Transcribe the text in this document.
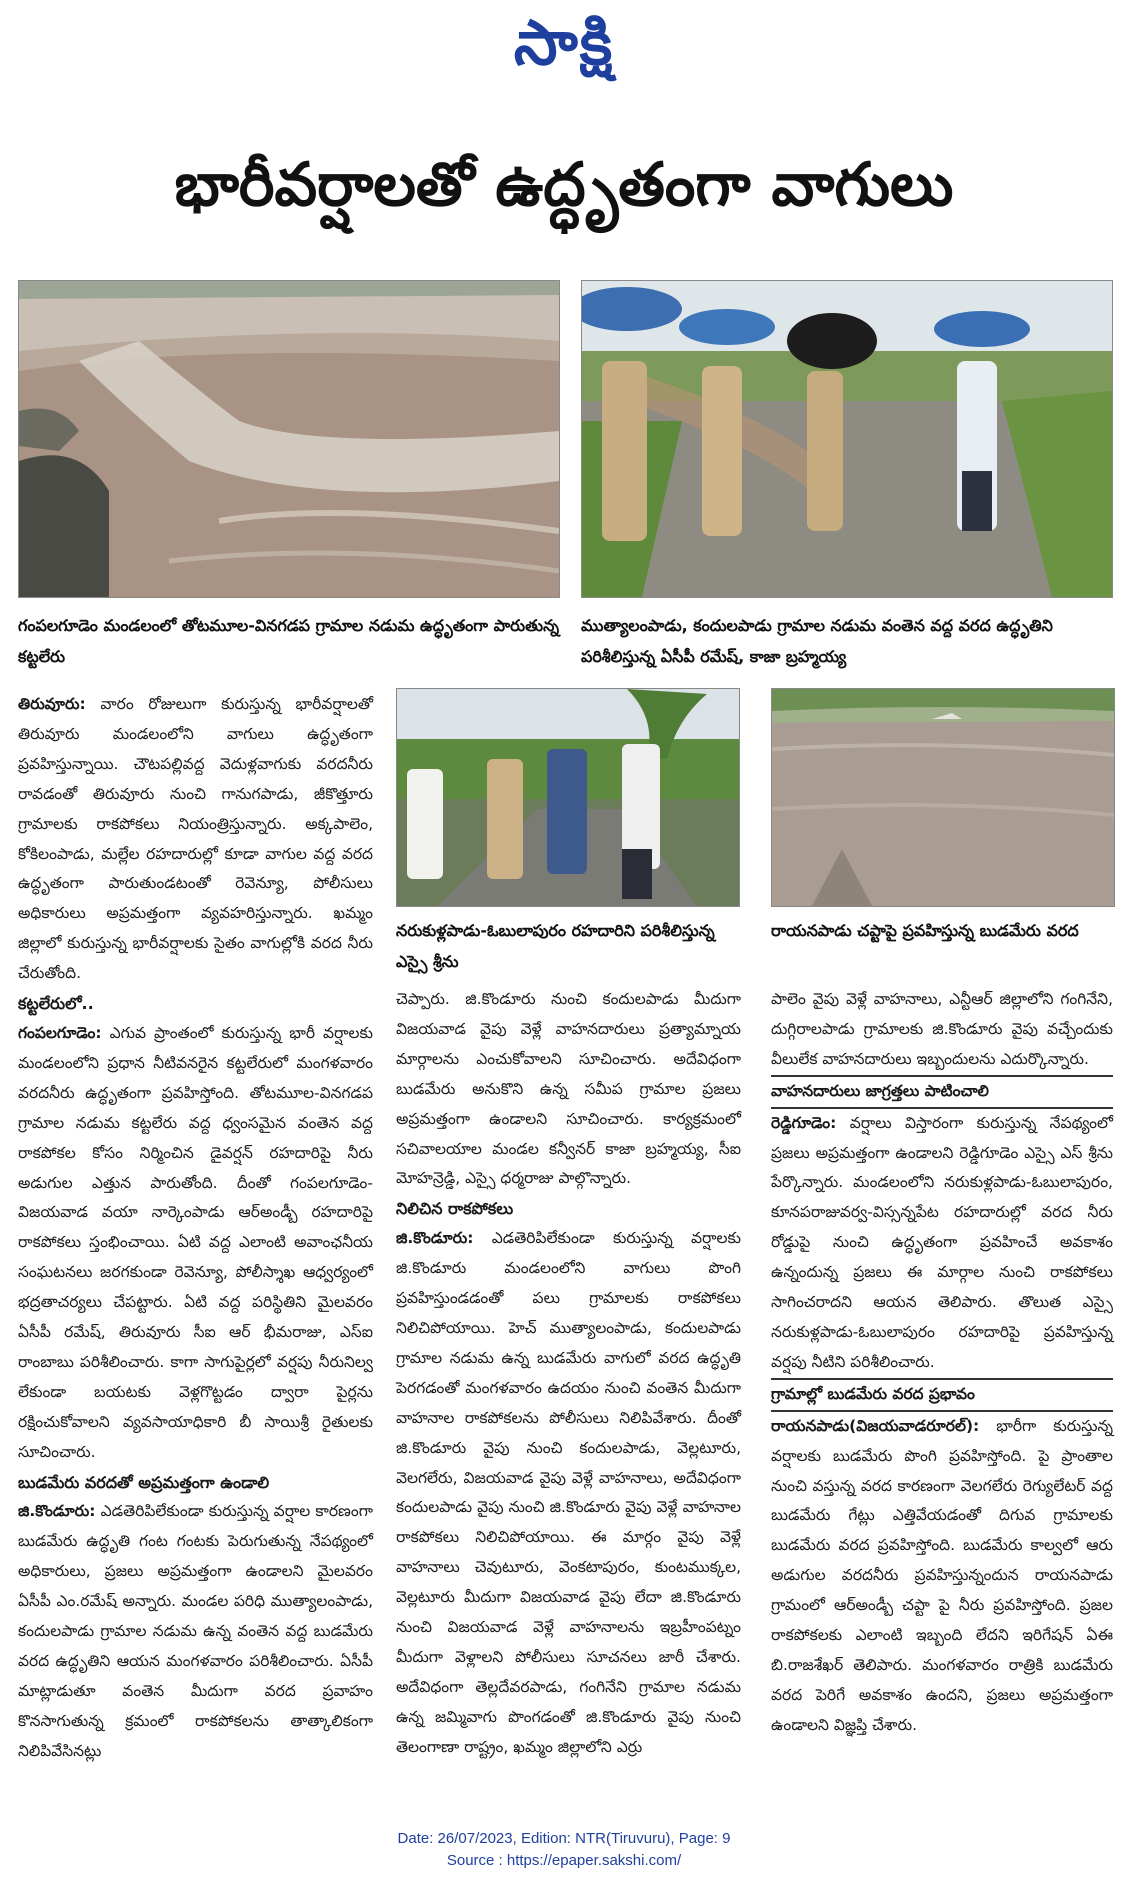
సాక్షి
భారీవర్షాలతో ఉద్ధృతంగా వాగులు
గంపలగూడెం మండలంలో తోటమూల-వినగడప గ్రామాల నడుమ ఉద్ధృతంగా పారుతున్న కట్టలేరు
ముత్యాలంపాడు, కందులపాడు గ్రామాల నడుమ వంతెన వద్ద వరద ఉద్ధృతిని పరిశీలిస్తున్న ఏసీపీ రమేష్, కాజా బ్రహ్మయ్య
నరుకుళ్లపాడు-ఓబులాపురం రహదారిని పరిశీలిస్తున్న ఎస్సై శ్రీను
రాయనపాడు చప్టాపై ప్రవహిస్తున్న బుడమేరు వరద

తిరువూరు: వారం రోజులుగా కురుస్తున్న భారీవర్షాలతో తిరువూరు మండలంలోని వాగులు ఉద్ధృతంగా ప్రవహిస్తున్నాయి. చౌటపల్లివద్ద వెదుళ్లవాగుకు వరదనీరు రావడంతో తిరువూరు నుంచి గానుగపాడు, జీకొత్తూరు గ్రామాలకు రాకపోకలు నియంత్రిస్తున్నారు. అక్కపాలెం, కోకిలంపాడు, మల్లేల రహదారుల్లో కూడా వాగుల వద్ద వరద ఉద్ధృతంగా పారుతుండటంతో రెవెన్యూ, పోలీసులు అధికారులు అప్రమత్తంగా వ్యవహరిస్తున్నారు. ఖమ్మం జిల్లాలో కురుస్తున్న భారీవర్షాలకు సైతం వాగుల్లోకి వరద నీరు చేరుతోంది.

కట్టలేరులో..

గంపలగూడెం: ఎగువ ప్రాంతంలో కురుస్తున్న భారీ వర్షాలకు మండలంలోని ప్రధాన నీటివనరైన కట్టలేరులో మంగళవారం వరదనీరు ఉద్ధృతంగా ప్రవహిస్తోంది. తోటమూల-వినగడప గ్రామాల నడుమ కట్టలేరు వద్ద ధ్వంసమైన వంతెన వద్ద రాకపోకల కోసం నిర్మించిన డైవర్షన్ రహదారిపై నీరు అడుగుల ఎత్తున పారుతోంది. దీంతో గంపలగూడెం-విజయవాడ వయా నార్కెంపాడు ఆర్అండ్బీ రహదారిపై రాకపోకలు స్తంభించాయి. ఏటి వద్ద ఎలాంటి అవాంఛనీయ సంఘటనలు జరగకుండా రెవెన్యూ, పోలీస్శాఖ ఆధ్వర్యంలో భద్రతాచర్యలు చేపట్టారు. ఏటి వద్ద పరిస్థితిని మైలవరం ఏసీపీ రమేష్, తిరువూరు సీఐ ఆర్ భీమరాజు, ఎస్ఐ రాంబాబు పరిశీలించారు. కాగా సాగుపైర్లలో వర్షపు నీరునిల్వ లేకుండా బయటకు వెళ్లగొట్టడం ద్వారా పైర్లను రక్షించుకోవాలని వ్యవసాయాధికారి బీ సాయిశ్రీ రైతులకు సూచించారు.

బుడమేరు వరదతో అప్రమత్తంగా ఉండాలి

జి.కొండూరు: ఎడతెరిపిలేకుండా కురుస్తున్న వర్షాల కారణంగా బుడమేరు ఉద్ధృతి గంట గంటకు పెరుగుతున్న నేపథ్యంలో అధికారులు, ప్రజలు అప్రమత్తంగా ఉండాలని మైలవరం ఏసీపీ ఎం.రమేష్ అన్నారు. మండల పరిధి ముత్యాలంపాడు, కందులపాడు గ్రామాల నడుమ ఉన్న వంతెన వద్ద బుడమేరు వరద ఉద్ధృతిని ఆయన మంగళవారం పరిశీలించారు. ఏసీపీ మాట్లాడుతూ వంతెన మీదుగా వరద ప్రవాహం కొనసాగుతున్న క్రమంలో రాకపోకలను తాత్కాలికంగా నిలిపివేసినట్లు

చెప్పారు. జి.కొండూరు నుంచి కందులపాడు మీదుగా విజయవాడ వైపు వెళ్లే వాహనదారులు ప్రత్యామ్నాయ మార్గాలను ఎంచుకోవాలని సూచించారు. అదేవిధంగా బుడమేరు అనుకొని ఉన్న సమీప గ్రామాల ప్రజలు అప్రమత్తంగా ఉండాలని సూచించారు. కార్యక్రమంలో సచివాలయాల మండల కన్వీనర్ కాజా బ్రహ్మయ్య, సీఐ మోహన్రెడ్డి, ఎస్సై ధర్మరాజు పాల్గొన్నారు.

నిలిచిన రాకపోకలు

జి.కొండూరు: ఎడతెరిపిలేకుండా కురుస్తున్న వర్షాలకు జి.కొండూరు మండలంలోని వాగులు పొంగి ప్రవహిస్తుండడంతో పలు గ్రామాలకు రాకపోకలు నిలిచిపోయాయి. హెచ్ ముత్యాలంపాడు, కందులపాడు గ్రామాల నడుమ ఉన్న బుడమేరు వాగులో వరద ఉద్ధృతి పెరగడంతో మంగళవారం ఉదయం నుంచి వంతెన మీదుగా వాహనాల రాకపోకలను పోలీసులు నిలిపివేశారు. దీంతో జి.కొండూరు వైపు నుంచి కందులపాడు, వెల్లటూరు, వెలగలేరు, విజయవాడ వైపు వెళ్లే వాహనాలు, అదేవిధంగా కందులపాడు వైపు నుంచి జి.కొండూరు వైపు వెళ్లే వాహనాల రాకపోకలు నిలిచిపోయాయి. ఈ మార్గం వైపు వెళ్లే వాహనాలు చెవుటూరు, వెంకటాపురం, కుంటముక్కల, వెల్లటూరు మీదుగా విజయవాడ వైపు లేదా జి.కొండూరు నుంచి విజయవాడ వెళ్లే వాహనాలను ఇబ్రహీంపట్నం మీదుగా వెళ్లాలని పోలీసులు సూచనలు జారీ చేశారు. అదేవిధంగా తెల్లదేవరపాడు, గంగినేని గ్రామాల నడుమ ఉన్న జమ్మివాగు పొంగడంతో జి.కొండూరు వైపు నుంచి తెలంగాణా రాష్ట్రం, ఖమ్మం జిల్లాలోని ఎర్రు

పాలెం వైపు వెళ్లే వాహనాలు, ఎన్టీఆర్ జిల్లాలోని గంగినేని, దుగ్గిరాలపాడు గ్రామాలకు జి.కొండూరు వైపు వచ్చేందుకు వీలులేక వాహనదారులు ఇబ్బందులను ఎదుర్కొన్నారు.

వాహనదారులు జాగ్రత్తలు పాటించాలి

రెడ్డిగూడెం: వర్షాలు విస్తారంగా కురుస్తున్న నేపథ్యంలో ప్రజలు అప్రమత్తంగా ఉండాలని రెడ్డిగూడెం ఎస్సై ఎస్ శ్రీను పేర్కొన్నారు. మండలంలోని నరుకుళ్లపాడు-ఓబులాపురం, కూనపరాజువర్వ-విస్సన్నపేట రహదారుల్లో వరద నీరు రోడ్డుపై నుంచి ఉద్ధృతంగా ప్రవహించే అవకాశం ఉన్నందున్న ప్రజలు ఈ మార్గాల నుంచి రాకపోకలు సాగించరాదని ఆయన తెలిపారు. తొలుత ఎస్సై నరుకుళ్లపాడు-ఓబులాపురం రహదారిపై ప్రవహిస్తున్న వర్షపు నీటిని పరిశీలించారు.

గ్రామాల్లో బుడమేరు వరద ప్రభావం

రాయనపాడు(విజయవాడరూరల్): భారీగా కురుస్తున్న వర్షాలకు బుడమేరు పొంగి ప్రవహిస్తోంది. పై ప్రాంతాల నుంచి వస్తున్న వరద కారణంగా వెలగలేరు రెగ్యులేటర్ వద్ద బుడమేరు గేట్లు ఎత్తివేయడంతో దిగువ గ్రామాలకు బుడమేరు వరద ప్రవహిస్తోంది. బుడమేరు కాల్వలో ఆరు అడుగుల వరదనీరు ప్రవహిస్తున్నందున రాయనపాడు గ్రామంలో ఆర్అండ్బీ చప్టా పై నీరు ప్రవహిస్తోంది. ప్రజల రాకపోకలకు ఎలాంటి ఇబ్బంది లేదని ఇరిగేషన్ ఏఈ బి.రాజశేఖర్ తెలిపారు. మంగళవారం రాత్రికి బుడమేరు వరద పెరిగే అవకాశం ఉందని, ప్రజలు అప్రమత్తంగా ఉండాలని విజ్ఞప్తి చేశారు.

Date: 26/07/2023, Edition: NTR(Tiruvuru), Page: 9
Source : https://epaper.sakshi.com/
